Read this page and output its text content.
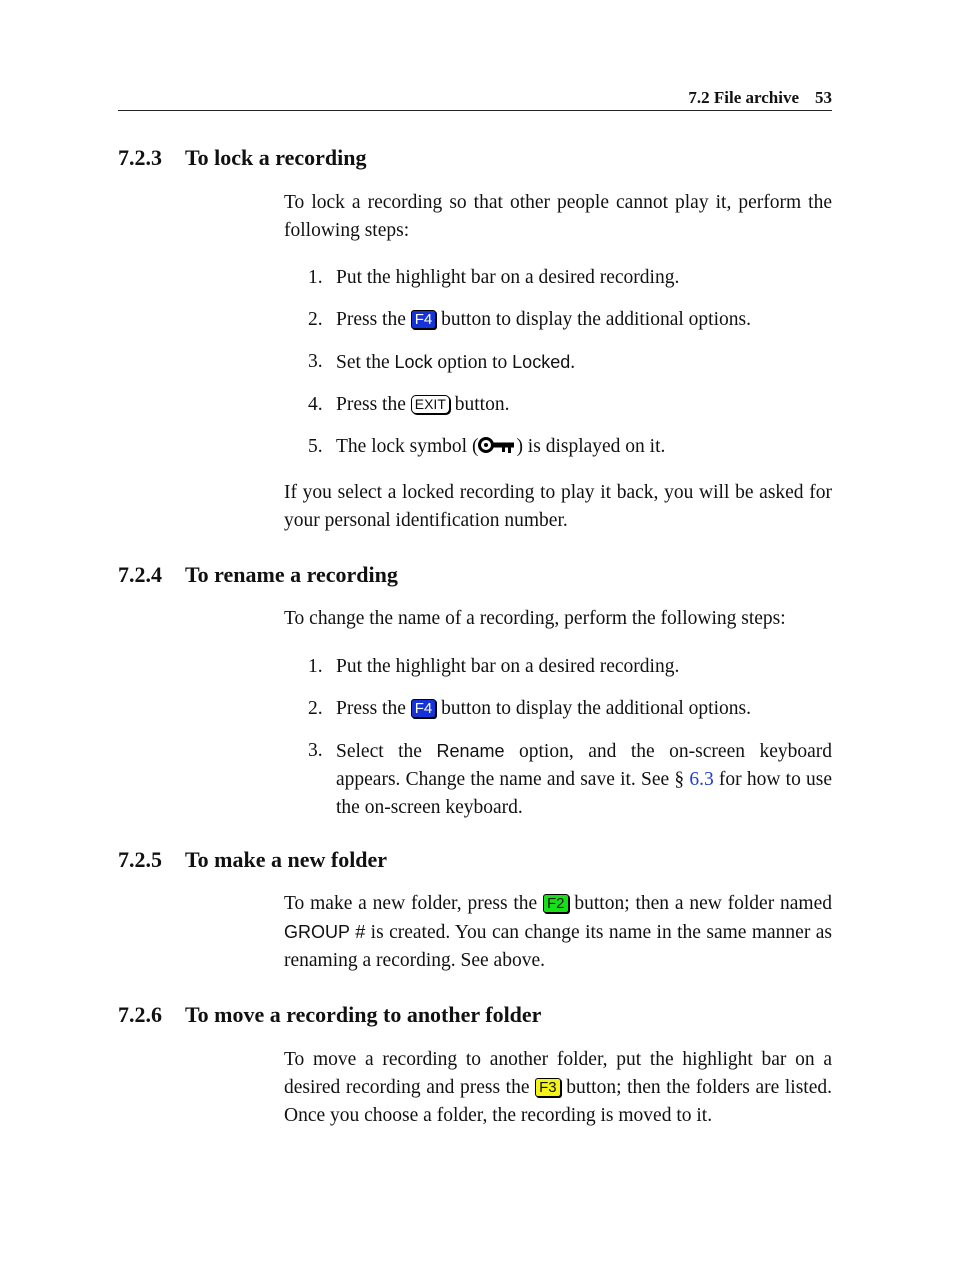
7.2 File archive 53
7.2.3 To lock a recording

To lock a recording so that other people cannot play it, perform the following steps:

1. Put the highlight bar on a desired recording.
2. Press the F4 button to display the additional options.
3. Set the Lock option to Locked.
4. Press the EXIT button.
5. The lock symbol ( ) is displayed on it.

If you select a locked recording to play it back, you will be asked for your personal identification number.

7.2.4 To rename a recording

To change the name of a recording, perform the following steps:

1. Put the highlight bar on a desired recording.
2. Press the F4 button to display the additional options.
3. Select the Rename option, and the on-screen keyboard appears. Change the name and save it. See § 6.3 for how to use the on-screen keyboard.
7.2.5 To make a new folder

To make a new folder, press the F2 button; then a new folder named GROUP # is created. You can change its name in the same manner as renaming a recording. See above.

7.2.6 To move a recording to another folder

To move a recording to another folder, put the highlight bar on a desired recording and press the F3 button; then the folders are listed. Once you choose a folder, the recording is moved to it.
